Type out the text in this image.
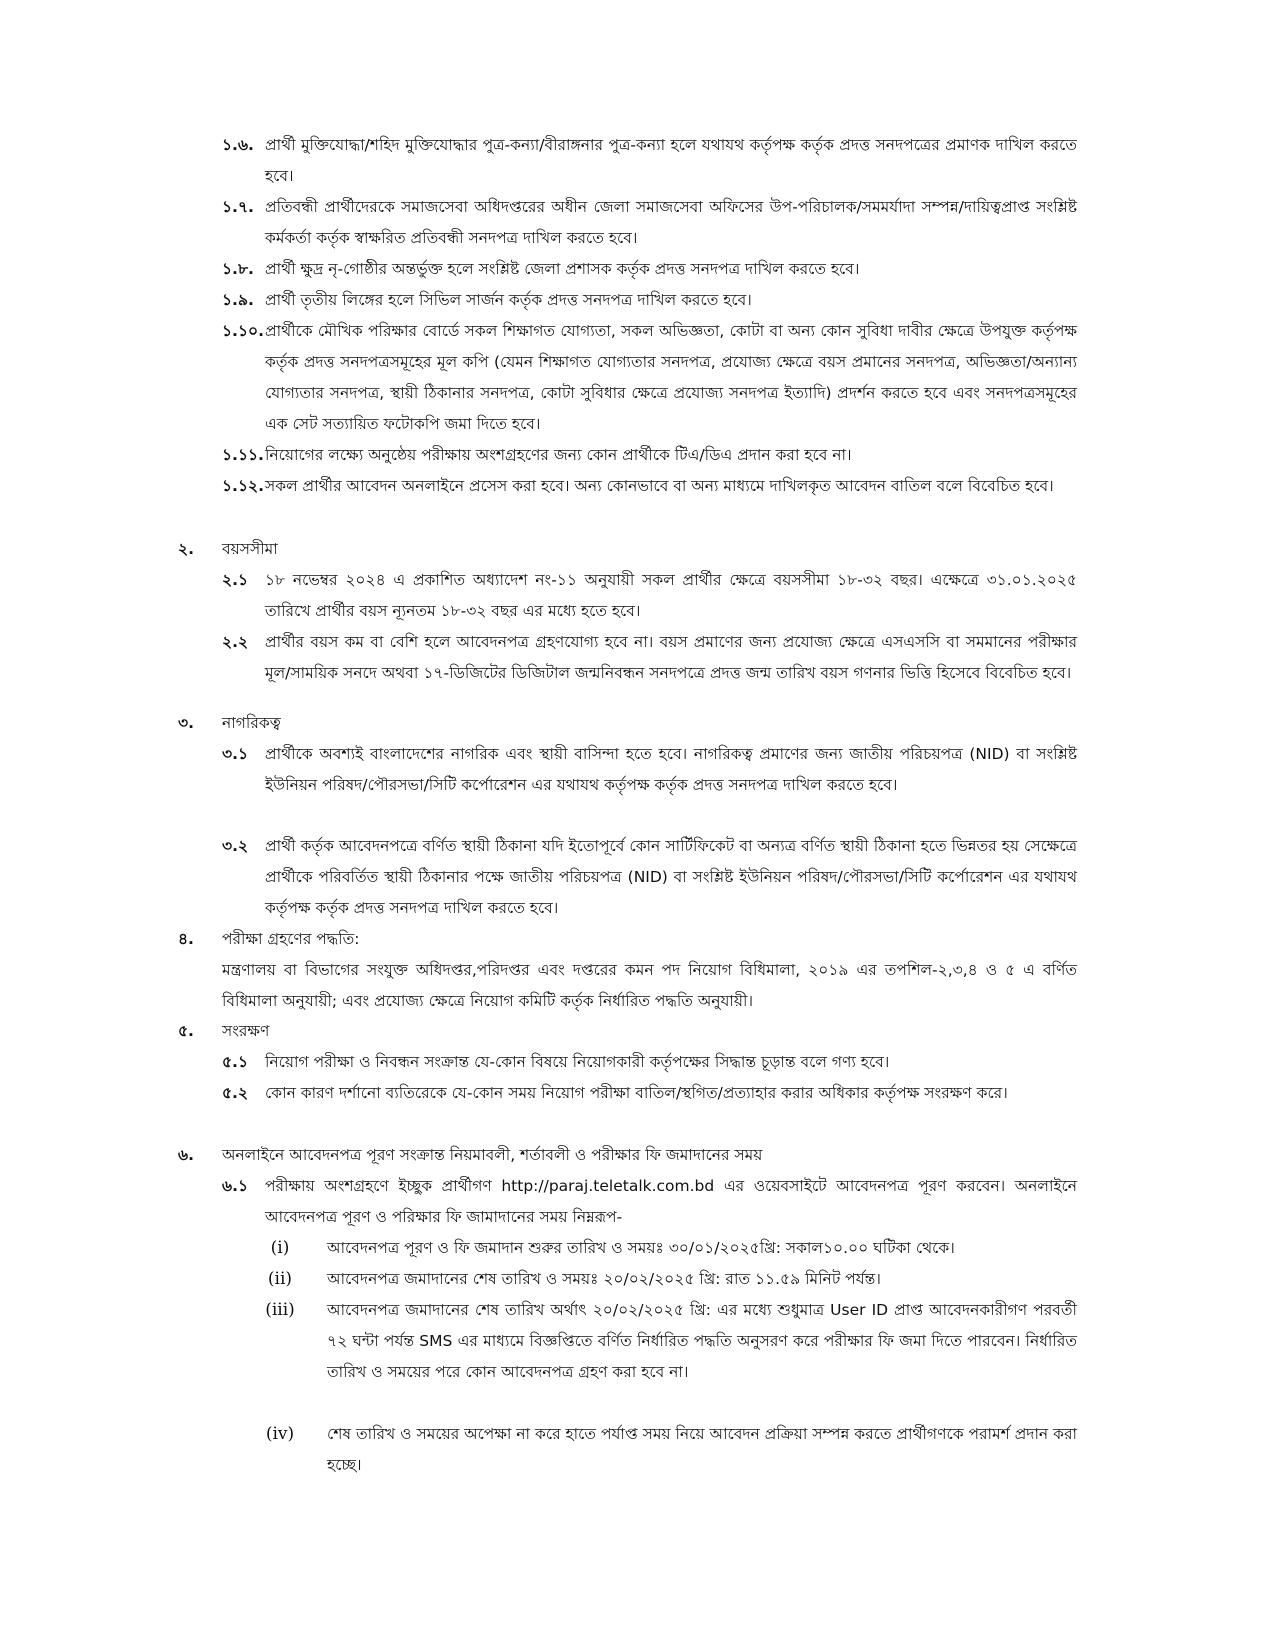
১.৬. প্রার্থী মুক্তিযোদ্ধা/শহিদ মুক্তিযোদ্ধার পুত্র-কন্যা/বীরাঙ্গনার পুত্র-কন্যা হলে যথাযথ কর্তৃপক্ষ কর্তৃক প্রদত্ত সনদপত্রের প্রমাণক দাখিল করতে হবে।
১.৭. প্রতিবন্ধী প্রার্থীদেরকে সমাজসেবা অধিদপ্তরের অধীন জেলা সমাজসেবা অফিসের উপ-পরিচালক/সমমর্যাদা সম্পন্ন/দায়িত্বপ্রাপ্ত সংশ্লিষ্ট কর্মকর্তা কর্তৃক স্বাক্ষরিত প্রতিবন্ধী সনদপত্র দাখিল করতে হবে।
১.৮. প্রার্থী ক্ষুদ্র নৃ-গোষ্ঠীর অন্তর্ভুক্ত হলে সংশ্লিষ্ট জেলা প্রশাসক কর্তৃক প্রদত্ত সনদপত্র দাখিল করতে হবে।
১.৯. প্রার্থী তৃতীয় লিঙ্গের হলে সিভিল সার্জন কর্তৃক প্রদত্ত সনদপত্র দাখিল করতে হবে।
১.১০. প্রার্থীকে মৌখিক পরিক্ষার বোর্ডে সকল শিক্ষাগত যোগ্যতা, সকল অভিজ্ঞতা, কোটা বা অন্য কোন সুবিধা দাবীর ক্ষেত্রে উপযুক্ত কর্তৃপক্ষ কর্তৃক প্রদত্ত সনদপত্রসমূহের মূল কপি (যেমন শিক্ষাগত যোগ্যতার সনদপত্র, প্রযোজ্য ক্ষেত্রে বয়স প্রমানের সনদপত্র, অভিজ্ঞতা/অন্যান্য যোগ্যতার সনদপত্র, স্থায়ী ঠিকানার সনদপত্র, কোটা সুবিধার ক্ষেত্রে প্রযোজ্য সনদপত্র ইত্যাদি) প্রদর্শন করতে হবে এবং সনদপত্রসমূহের এক সেট সত্যায়িত ফটোকপি জমা দিতে হবে।
১.১১. নিয়োগের লক্ষ্যে অনুষ্ঠেয় পরীক্ষায় অংশগ্রহণের জন্য কোন প্রার্থীকে টিএ/ডিএ প্রদান করা হবে না।
১.১২. সকল প্রার্থীর আবেদন অনলাইনে প্রসেস করা হবে। অন্য কোনভাবে বা অন্য মাধ্যমে দাখিলকৃত আবেদন বাতিল বলে বিবেচিত হবে।
২. বয়সসীমা
২.১ ১৮ নভেম্বর ২০২৪ এ প্রকাশিত অধ্যাদেশ নং-১১ অনুযায়ী সকল প্রার্থীর ক্ষেত্রে বয়সসীমা ১৮-৩২ বছর। এক্ষেত্রে ৩১.০১.২০২৫ তারিখে প্রার্থীর বয়স ন্যূনতম ১৮-৩২ বছর এর মধ্যে হতে হবে।
২.২ প্রার্থীর বয়স কম বা বেশি হলে আবেদনপত্র গ্রহণযোগ্য হবে না। বয়স প্রমাণের জন্য প্রযোজ্য ক্ষেত্রে এসএসসি বা সমমানের পরীক্ষার মূল/সাময়িক সনদে অথবা ১৭-ডিজিটের ডিজিটাল জন্মনিবন্ধন সনদপত্রে প্রদত্ত জন্ম তারিখ বয়স গণনার ভিত্তি হিসেবে বিবেচিত হবে।
৩. নাগরিকত্ব
৩.১ প্রার্থীকে অবশ্যই বাংলাদেশের নাগরিক এবং স্থায়ী বাসিন্দা হতে হবে। নাগরিকত্ব প্রমাণের জন্য জাতীয় পরিচয়পত্র (NID) বা সংশ্লিষ্ট ইউনিয়ন পরিষদ/পৌরসভা/সিটি কর্পোরেশন এর যথাযথ কর্তৃপক্ষ কর্তৃক প্রদত্ত সনদপত্র দাখিল করতে হবে।
৩.২ প্রার্থী কর্তৃক আবেদনপত্রে বর্ণিত স্থায়ী ঠিকানা যদি ইতোপূর্বে কোন সার্টিফিকেট বা অন্যত্র বর্ণিত স্থায়ী ঠিকানা হতে ভিন্নতর হয় সেক্ষেত্রে প্রার্থীকে পরিবর্তিত স্থায়ী ঠিকানার পক্ষে জাতীয় পরিচয়পত্র (NID) বা সংশ্লিষ্ট ইউনিয়ন পরিষদ/পৌরসভা/সিটি কর্পোরেশন এর যথাযথ কর্তৃপক্ষ কর্তৃক প্রদত্ত সনদপত্র দাখিল করতে হবে।
৪. পরীক্ষা গ্রহণের পদ্ধতি:
মন্ত্রণালয় বা বিভাগের সংযুক্ত অধিদপ্তর,পরিদপ্তর এবং দপ্তরের কমন পদ নিয়োগ বিধিমালা, ২০১৯ এর তপশিল-২,৩,৪ ও ৫ এ বর্ণিত বিধিমালা অনুযায়ী; এবং প্রযোজ্য ক্ষেত্রে নিয়োগ কমিটি কর্তৃক নির্ধারিত পদ্ধতি অনুযায়ী।
৫. সংরক্ষণ
৫.১ নিয়োগ পরীক্ষা ও নিবন্ধন সংক্রান্ত যে-কোন বিষয়ে নিয়োগকারী কর্তৃপক্ষের সিদ্ধান্ত চূড়ান্ত বলে গণ্য হবে।
৫.২ কোন কারণ দর্শানো ব্যতিরেকে যে-কোন সময় নিয়োগ পরীক্ষা বাতিল/স্থগিত/প্রত্যাহার করার অধিকার কর্তৃপক্ষ সংরক্ষণ করে।
৬. অনলাইনে আবেদনপত্র পূরণ সংক্রান্ত নিয়মাবলী, শর্তাবলী ও পরীক্ষার ফি জমাদানের সময়
৬.১ পরীক্ষায় অংশগ্রহণে ইচ্ছুক প্রার্থীগণ http://paraj.teletalk.com.bd এর ওয়েবসাইটে আবেদনপত্র পূরণ করবেন। অনলাইনে আবেদনপত্র পূরণ ও পরিক্ষার ফি জামাদানের সময় নিম্নরূপ-
(i)	আবেদনপত্র পূরণ ও ফি জমাদান শুরুর তারিখ ও সময়ঃ ৩০/০১/২০২৫খ্রি: সকাল১০.০০ ঘটিকা থেকে।
(ii)	আবেদনপত্র জমাদানের শেষ তারিখ ও সময়ঃ ২০/০২/২০২৫ খ্রি: রাত ১১.৫৯ মিনিট পর্যন্ত।
(iii)	আবেদনপত্র জমাদানের শেষ তারিখ অর্থাৎ ২০/০২/২০২৫ খ্রি: এর মধ্যে শুধুমাত্র User ID প্রাপ্ত আবেদনকারীগণ পরবর্তী ৭২ ঘন্টা পর্যন্ত SMS এর মাধ্যমে বিজ্ঞপ্তিতে বর্ণিত নির্ধারিত পদ্ধতি অনুসরণ করে পরীক্ষার ফি জমা দিতে পারবেন। নির্ধারিত তারিখ ও সময়ের পরে কোন আবেদনপত্র গ্রহণ করা হবে না।
(iv)	শেষ তারিখ ও সময়ের অপেক্ষা না করে হাতে পর্যাপ্ত সময় নিয়ে আবেদন প্রক্রিয়া সম্পন্ন করতে প্রার্থীগণকে পরামর্শ প্রদান করা হচ্ছে।
